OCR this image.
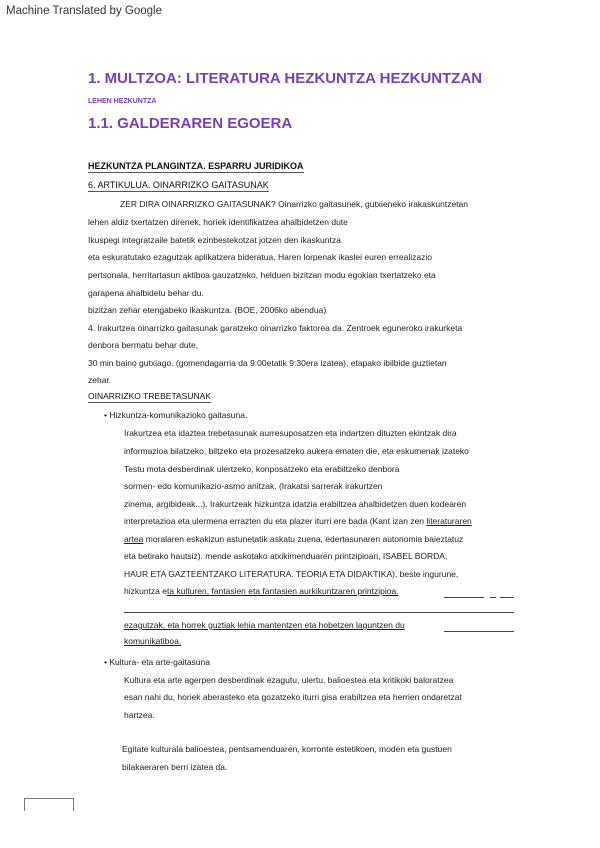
Machine Translated by Google
1. MULTZOA: LITERATURA HEZKUNTZA HEZKUNTZAN
LEHEN HEZKUNTZA
1.1. GALDERAREN EGOERA
HEZKUNTZA PLANGINTZA. ESPARRU JURIDIKOA
6. ARTIKULUA. OINARRIZKO GAITASUNAK
ZER DIRA OINARRIZKO GAITASUNAK? Oinarrizko gaitasunek, gutxieneko irakaskuntzetan
lehen aldiz txertatzen direnek, horiek identifikatzea ahalbidetzen dute
Ikuspegi integratzaile batetik ezinbestekotzat jotzen den ikaskuntza
eta eskuratutako ezagutzak aplikatzera bideratua. Haren lorpenak ikaslei euren errealizazio
pertsonala, herritartasun aktiboa gauzatzeko, helduen bizitzan modu egokian txertatzeko eta
garapena ahalbidetu behar du.
bizitzan zehar etengabeko ikaskuntza. (BOE, 2006ko abendua)
4. Irakurtzea oinarrizko gaitasunak garatzeko oinarrizko faktorea da. Zentroek eguneroko irakurketa
denbora bermatu behar dute,
30 min baino gutxiago. (gomendagarria da 9:00etatik 9:30era izatea), etapako ibilbide guztietan
zehar.
OINARRIZKO TREBETASUNAK
• Hizkuntza-komunikazioko gaitasuna.
Irakurtzea eta idaztea trebetasunak aurresuposatzen eta indartzen dituzten ekintzak dira
informazioa bilatzeko, biltzeko eta prozesatzeko aukera ematen die, eta eskumenak izateko
Testu mota desberdinak ulertzeko, konposatzeko eta erabiltzeko denbora
sormen- edo komunikazio-asmo anitzak. (Irakatsi sarrerak irakurtzen
zinema, argibideak...). Irakurtzeak hizkuntza idatzia erabiltzea ahalbidetzen duen kodearen
interpretazioa eta ulermena errazten du eta plazer iturri ere bada (Kant izan zen literaturaren
artea moralaren eskakizun astunetatik askatu zuena, edertasunaren autonomia baieztatuz
eta betirako hautsiz). mende askotako atxikimenduaren printzipioari, ISABEL BORDA,
HAUR ETA GAZTEENTZAKO LITERATURA. TEORIA ETA DIDAKTIKA), beste ingurune,
hizkuntza eta kulturen, fantasien eta fantasien aurkikuntzaren printzipioa.
ezagutzak, eta horrek guztiak lehia mantentzen eta hobetzen laguntzen du
komunikatiboa.
• Kultura- eta arte-gaitasuna
Kultura eta arte agerpen desberdinak ezagutu, ulertu, balioestea eta kritikoki baloratzea
esan nahi du, horiek aberasteko eta gozatzeko iturri gisa erabiltzea eta herrien ondaretzat
hartzea.
Egitate kulturala balioestea, pentsamenduaren, korronte estetikoen, moden eta gustuen
bilakaeraren berri izatea da.
